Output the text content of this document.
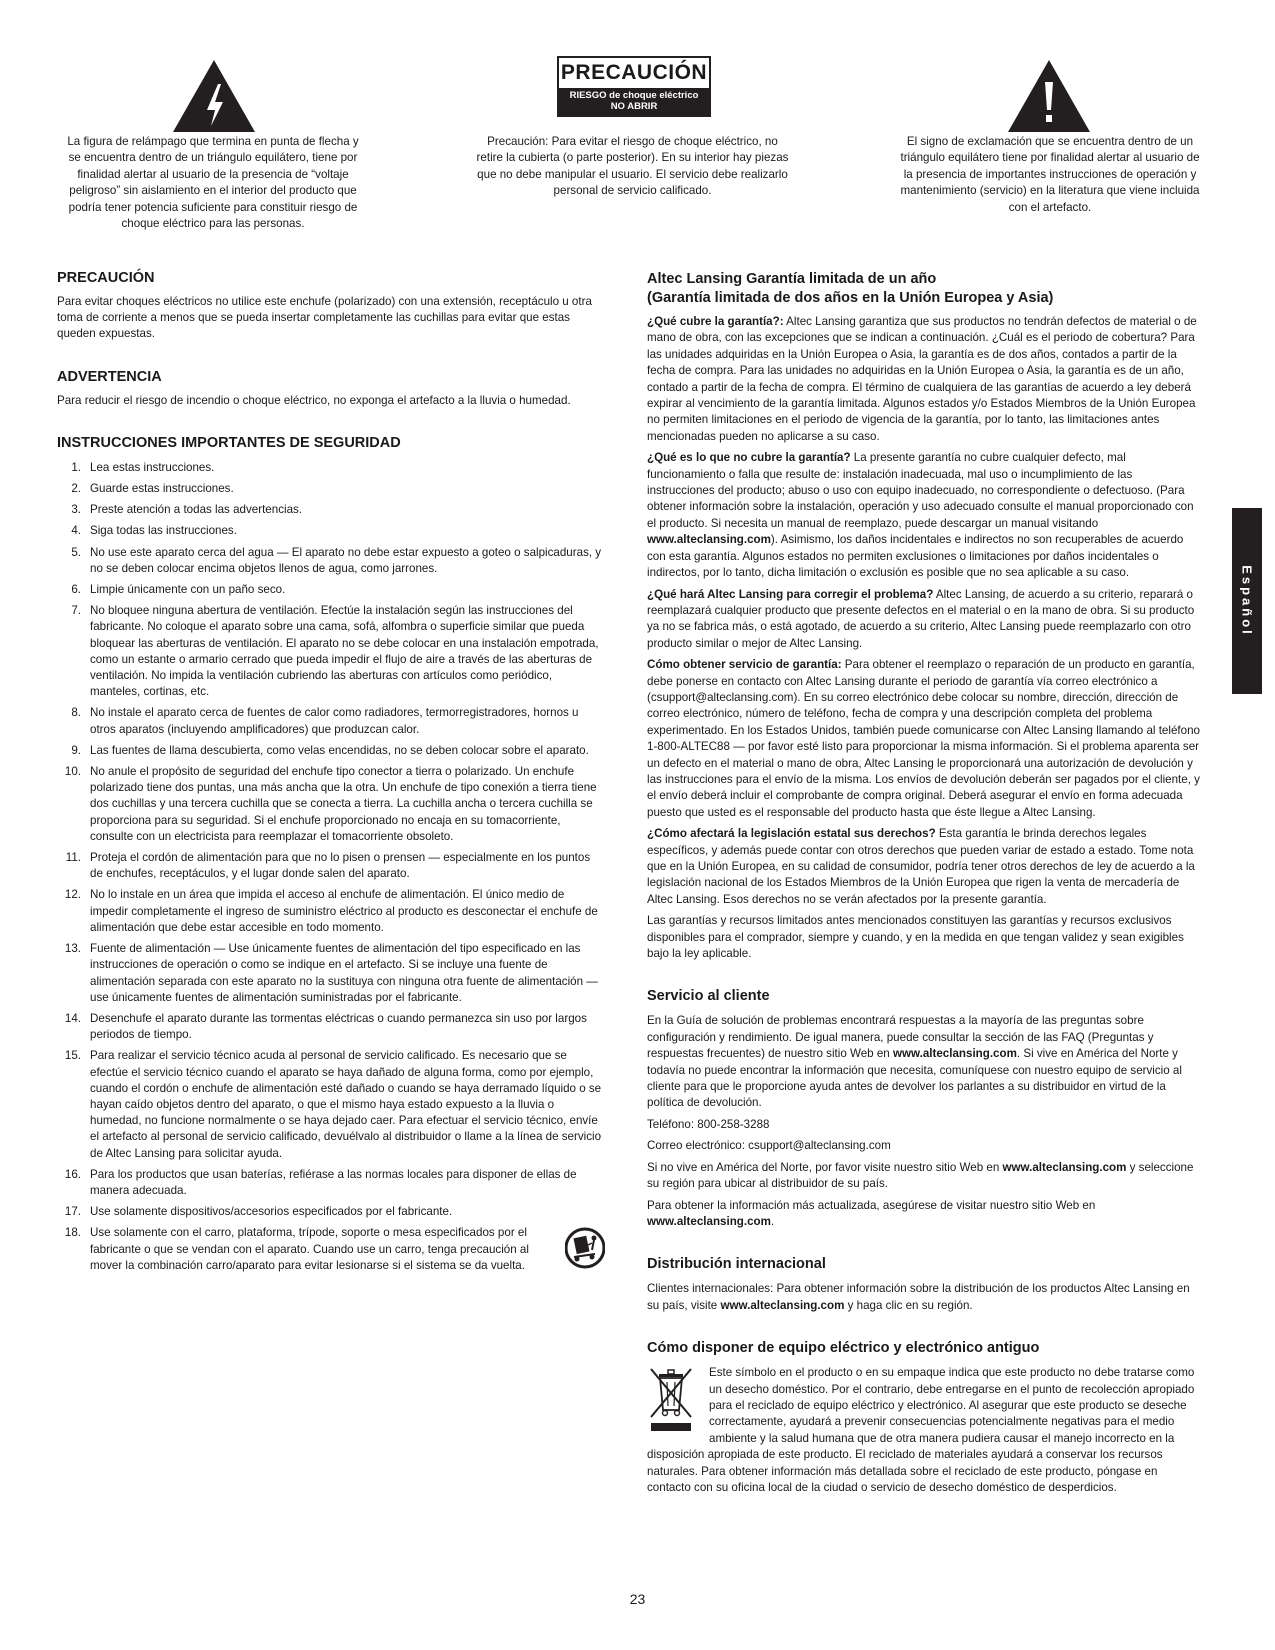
La figura de relámpago que termina en punta de flecha y se encuentra dentro de un triángulo equilátero, tiene por finalidad alertar al usuario de la presencia de “voltaje peligroso” sin aislamiento en el interior del producto que podría tener potencia suficiente para constituir riesgo de choque eléctrico para las personas.
PRECAUCIÓN
RIESGO de choque eléctrico
NO ABRIR
Precaución: Para evitar el riesgo de choque eléctrico, no retire la cubierta (o parte posterior). En su interior hay piezas que no debe manipular el usuario. El servicio debe realizarlo personal de servicio calificado.
El signo de exclamación que se encuentra dentro de un triángulo equilátero tiene por finalidad alertar al usuario de la presencia de importantes instrucciones de operación y mantenimiento (servicio) en la literatura que viene incluida con el artefacto.
PRECAUCIÓN

Para evitar choques eléctricos no utilice este enchufe (polarizado) con una extensión, receptáculo u otra toma de corriente a menos que se pueda insertar completamente las cuchillas para evitar que estas queden expuestas.

ADVERTENCIA

Para reducir el riesgo de incendio o choque eléctrico, no exponga el artefacto a la lluvia o humedad.

INSTRUCCIONES IMPORTANTES DE SEGURIDAD
1. Lea estas instrucciones.
2. Guarde estas instrucciones.
3. Preste atención a todas las advertencias.
4. Siga todas las instrucciones.
5. No use este aparato cerca del agua — El aparato no debe estar expuesto a goteo o salpicaduras, y no se deben colocar encima objetos llenos de agua, como jarrones.
6. Limpie únicamente con un paño seco.
7. No bloquee ninguna abertura de ventilación. Efectúe la instalación según las instrucciones del fabricante. No coloque el aparato sobre una cama, sofá, alfombra o superficie similar que pueda bloquear las aberturas de ventilación. El aparato no se debe colocar en una instalación empotrada, como un estante o armario cerrado que pueda impedir el flujo de aire a través de las aberturas de ventilación. No impida la ventilación cubriendo las aberturas con artículos como periódico, manteles, cortinas, etc.
8. No instale el aparato cerca de fuentes de calor como radiadores, termorregistradores, hornos u otros aparatos (incluyendo amplificadores) que produzcan calor.
9. Las fuentes de llama descubierta, como velas encendidas, no se deben colocar sobre el aparato.
10. No anule el propósito de seguridad del enchufe tipo conector a tierra o polarizado. Un enchufe polarizado tiene dos puntas, una más ancha que la otra. Un enchufe de tipo conexión a tierra tiene dos cuchillas y una tercera cuchilla que se conecta a tierra. La cuchilla ancha o tercera cuchilla se proporciona para su seguridad. Si el enchufe proporcionado no encaja en su tomacorriente, consulte con un electricista para reemplazar el tomacorriente obsoleto.
11. Proteja el cordón de alimentación para que no lo pisen o prensen — especialmente en los puntos de enchufes, receptáculos, y el lugar donde salen del aparato.
12. No lo instale en un área que impida el acceso al enchufe de alimentación. El único medio de impedir completamente el ingreso de suministro eléctrico al producto es desconectar el enchufe de alimentación que debe estar accesible en todo momento.
13. Fuente de alimentación — Use únicamente fuentes de alimentación del tipo especificado en las instrucciones de operación o como se indique en el artefacto. Si se incluye una fuente de alimentación separada con este aparato no la sustituya con ninguna otra fuente de alimentación — use únicamente fuentes de alimentación suministradas por el fabricante.
14. Desenchufe el aparato durante las tormentas eléctricas o cuando permanezca sin uso por largos periodos de tiempo.
15. Para realizar el servicio técnico acuda al personal de servicio calificado. Es necesario que se efectúe el servicio técnico cuando el aparato se haya dañado de alguna forma, como por ejemplo, cuando el cordón o enchufe de alimentación esté dañado o cuando se haya derramado líquido o se hayan caído objetos dentro del aparato, o que el mismo haya estado expuesto a la lluvia o humedad, no funcione normalmente o se haya dejado caer. Para efectuar el servicio técnico, envíe el artefacto al personal de servicio calificado, devuélvalo al distribuidor o llame a la línea de servicio de Altec Lansing para solicitar ayuda.
16. Para los productos que usan baterías, refiérase a las normas locales para disponer de ellas de manera adecuada.
17. Use solamente dispositivos/accesorios especificados por el fabricante.
18. Use solamente con el carro, plataforma, trípode, soporte o mesa especificados por el fabricante o que se vendan con el aparato. Cuando use un carro, tenga precaución al mover la combinación carro/aparato para evitar lesionarse si el sistema se da vuelta.
Altec Lansing Garantía limitada de un año
(Garantía limitada de dos años en la Unión Europea y Asia)

¿Qué cubre la garantía?: Altec Lansing garantiza que sus productos no tendrán defectos de material o de mano de obra, con las excepciones que se indican a continuación. ¿Cuál es el periodo de cobertura? Para las unidades adquiridas en la Unión Europea o Asia, la garantía es de dos años, contados a partir de la fecha de compra. Para las unidades no adquiridas en la Unión Europea o Asia, la garantía es de un año, contado a partir de la fecha de compra. El término de cualquiera de las garantías de acuerdo a ley deberá expirar al vencimiento de la garantía limitada. Algunos estados y/o Estados Miembros de la Unión Europea no permiten limitaciones en el periodo de vigencia de la garantía, por lo tanto, las limitaciones antes mencionadas pueden no aplicarse a su caso.

¿Qué es lo que no cubre la garantía? La presente garantía no cubre cualquier defecto, mal funcionamiento o falla que resulte de: instalación inadecuada, mal uso o incumplimiento de las instrucciones del producto; abuso o uso con equipo inadecuado, no correspondiente o defectuoso. (Para obtener información sobre la instalación, operación y uso adecuado consulte el manual proporcionado con el producto. Si necesita un manual de reemplazo, puede descargar un manual visitando www.alteclansing.com). Asimismo, los daños incidentales e indirectos no son recuperables de acuerdo con esta garantía. Algunos estados no permiten exclusiones o limitaciones por daños incidentales o indirectos, por lo tanto, dicha limitación o exclusión es posible que no sea aplicable a su caso.

¿Qué hará Altec Lansing para corregir el problema? Altec Lansing, de acuerdo a su criterio, reparará o reemplazará cualquier producto que presente defectos en el material o en la mano de obra. Si su producto ya no se fabrica más, o está agotado, de acuerdo a su criterio, Altec Lansing puede reemplazarlo con otro producto similar o mejor de Altec Lansing.

Cómo obtener servicio de garantía: Para obtener el reemplazo o reparación de un producto en garantía, debe ponerse en contacto con Altec Lansing durante el periodo de garantía vía correo electrónico a (csupport@alteclansing.com). En su correo electrónico debe colocar su nombre, dirección, dirección de correo electrónico, número de teléfono, fecha de compra y una descripción completa del problema experimentado. En los Estados Unidos, también puede comunicarse con Altec Lansing llamando al teléfono 1-800-ALTEC88 — por favor esté listo para proporcionar la misma información. Si el problema aparenta ser un defecto en el material o mano de obra, Altec Lansing le proporcionará una autorización de devolución y las instrucciones para el envío de la misma. Los envíos de devolución deberán ser pagados por el cliente, y el envío deberá incluir el comprobante de compra original. Deberá asegurar el envío en forma adecuada puesto que usted es el responsable del producto hasta que éste llegue a Altec Lansing.

¿Cómo afectará la legislación estatal sus derechos? Esta garantía le brinda derechos legales específicos, y además puede contar con otros derechos que pueden variar de estado a estado. Tome nota que en la Unión Europea, en su calidad de consumidor, podría tener otros derechos de ley de acuerdo a la legislación nacional de los Estados Miembros de la Unión Europea que rigen la venta de mercadería de Altec Lansing. Esos derechos no se verán afectados por la presente garantía.

Las garantías y recursos limitados antes mencionados constituyen las garantías y recursos exclusivos disponibles para el comprador, siempre y cuando, y en la medida en que tengan validez y sean exigibles bajo la ley aplicable.

Servicio al cliente

En la Guía de solución de problemas encontrará respuestas a la mayoría de las preguntas sobre configuración y rendimiento. De igual manera, puede consultar la sección de las FAQ (Preguntas y respuestas frecuentes) de nuestro sitio Web en www.alteclansing.com. Si vive en América del Norte y todavía no puede encontrar la información que necesita, comuníquese con nuestro equipo de servicio al cliente para que le proporcione ayuda antes de devolver los parlantes a su distribuidor en virtud de la política de devolución.

Teléfono: 800-258-3288

Correo electrónico: csupport@alteclansing.com

Si no vive en América del Norte, por favor visite nuestro sitio Web en www.alteclansing.com y seleccione su región para ubicar al distribuidor de su país.

Para obtener la información más actualizada, asegúrese de visitar nuestro sitio Web en www.alteclansing.com.

Distribución internacional

Clientes internacionales: Para obtener información sobre la distribución de los productos Altec Lansing en su país, visite www.alteclansing.com y haga clic en su región.

Cómo disponer de equipo eléctrico y electrónico antiguo

Este símbolo en el producto o en su empaque indica que este producto no debe tratarse como un desecho doméstico. Por el contrario, debe entregarse en el punto de recolección apropiado para el reciclado de equipo eléctrico y electrónico. Al asegurar que este producto se deseche correctamente, ayudará a prevenir consecuencias potencialmente negativas para el medio ambiente y la salud humana que de otra manera pudiera causar el manejo incorrecto en la disposición apropiada de este producto. El reciclado de materiales ayudará a conservar los recursos naturales. Para obtener información más detallada sobre el reciclado de este producto, póngase en contacto con su oficina local de la ciudad o servicio de desecho doméstico de desperdicios.

Español
23
